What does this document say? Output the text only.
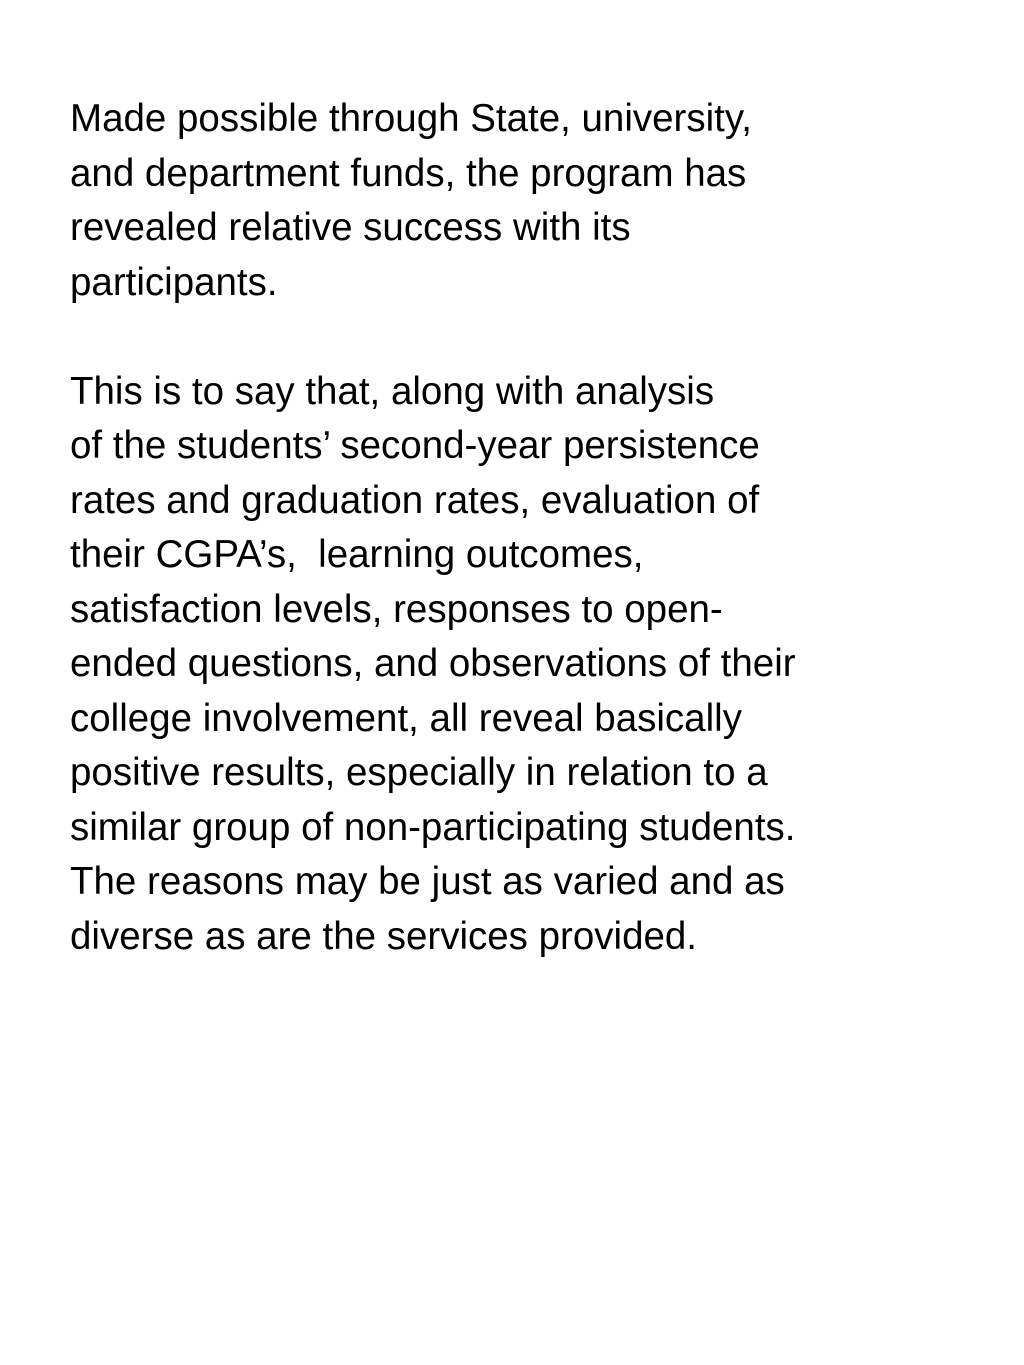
Made possible through State, university,
and department funds, the program has
revealed relative success with its
participants.

This is to say that, along with analysis
of the students’ second-year persistence
rates and graduation rates, evaluation of
their CGPA’s,  learning outcomes,
satisfaction levels, responses to open-
ended questions, and observations of their
college involvement, all reveal basically
positive results, especially in relation to a
similar group of non-participating students.
The reasons may be just as varied and as
diverse as are the services provided.
